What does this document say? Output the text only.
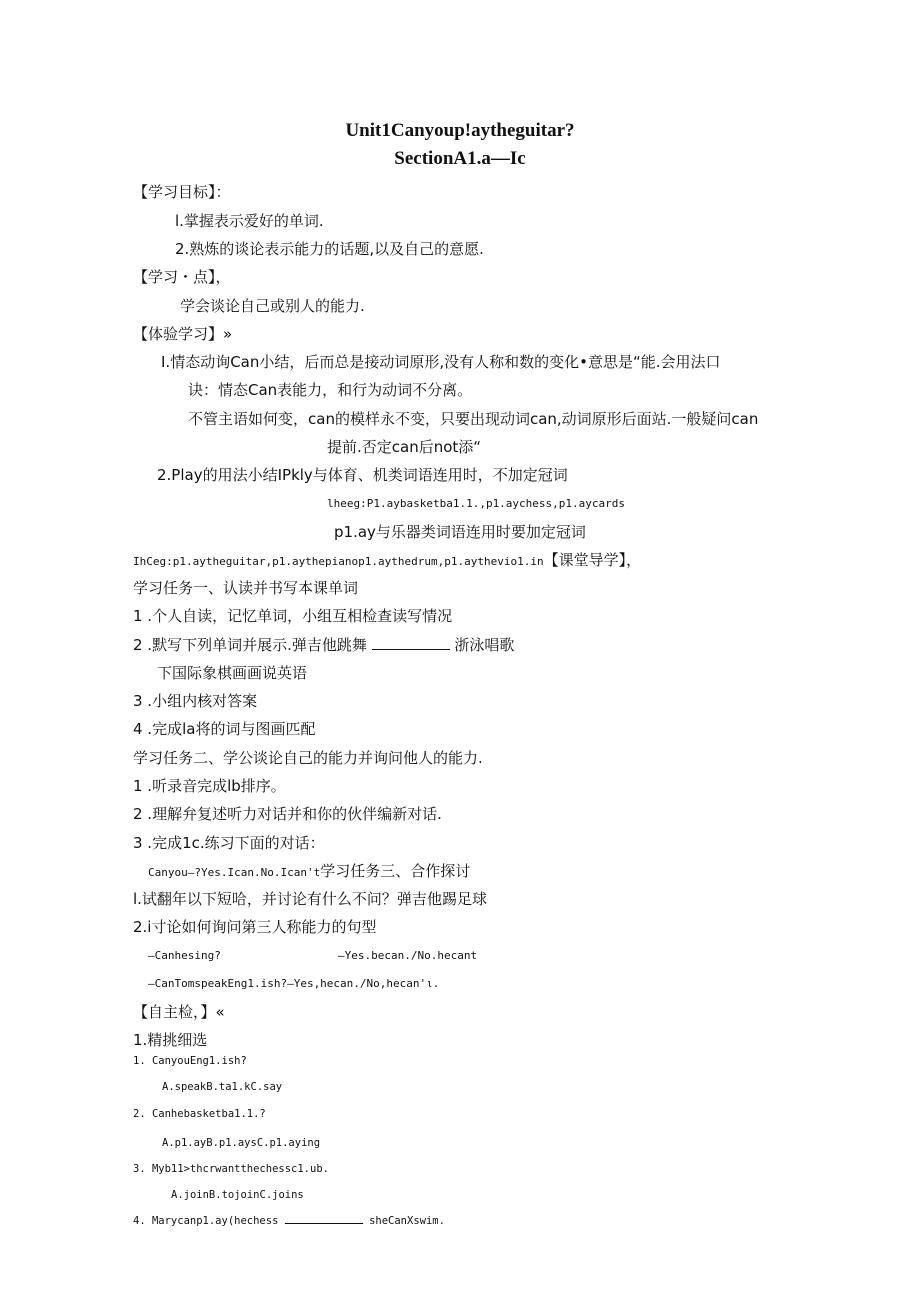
Unit1Canyoup!aytheguitar?
SectionA1.a—Ic
【学习目标】：
l.掌握表示爱好的单词.
2.熟炼的谈论表示能力的话题,以及自己的意愿.
【学习・点】，
学会谈论自己或别人的能力.
【体验学习】»
I.情态动询Can小结，后而总是接动词原形,没有人称和数的变化•意思是“能.会用法口
诀：情态Can表能力，和行为动词不分离。
不管主语如何变，can的模样永不变，只要出现动词can,动词原形后面站.一般疑问can
提前.否定can后not添“
2.Play的用法小结IPkly与体育、机类词语连用时，不加定冠词
lheeg:P1.aybasketba1.1.,p1.aychess,p1.aycards
p1.ay与乐器类词语连用时要加定冠词
IhCeg:p1.aytheguitar,p1.aythepianop1.aythedrum,p1.aythevio1.in【课堂导学】，
学习任务一、认读并书写本课单词
1 .个人自读，记忆单词，小组互相检查读写情况
2 .默写下列单词并展示.弹吉他跳舞	浙泳唱歌
下国际象棋画画说英语
3 .小组内核对答案
4 .完成la将的词与图画匹配
学习任务二、学公谈论自己的能力并询问他人的能力.
1 .听录音完成lb排序。
2 .理解弁复述听力对话并和你的伙伴编新对话.
3 .完成1c.练习下面的对话：
Canyou—?Yes.Ican.No.Ican't学习任务三、合作探讨
l.试翻年以下短哈，并讨论有什么不问？弹吉他踢足球
2.i寸论如何询问第三人称能力的句型
—Canhesing?	—Yes.becan./No.hecant
—CanTomspeakEng1.ish?—Yes,hecan./No,hecan'ι.
【自主检，】«
1.精挑细选
1. CanyouEng1.ish?
A.speakB.ta1.kC.say
2. Canhebasketba1.1.?
A.p1.ayB.p1.aysC.p1.aying
3. Myb11>thcrwantthechessc1.ub.
A.joinB.tojoinC.joins
4. Marycanp1.ay(hechess	sheCanXswim.
